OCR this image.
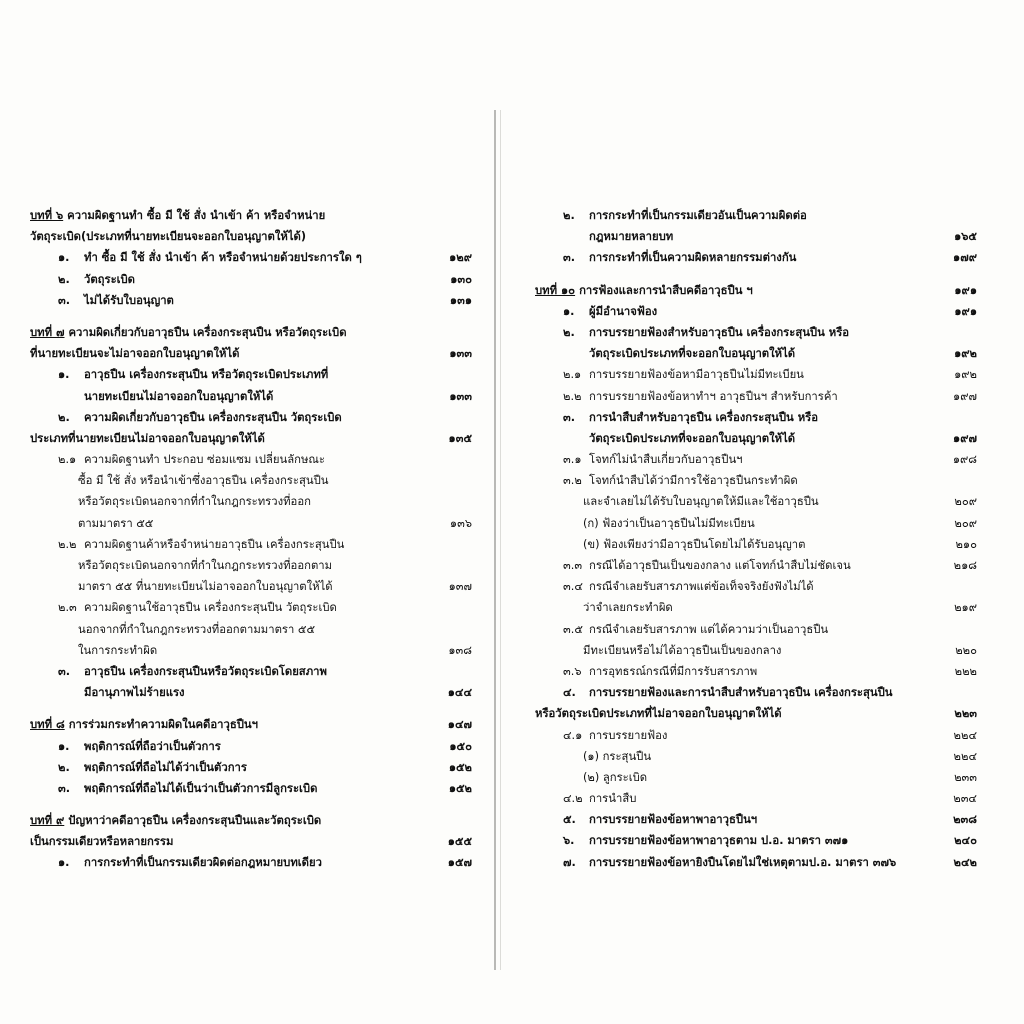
บทที่ ๖ ความผิดฐานทำ ซื้อ มี ใช้ สั่ง นำเข้า ค้า หรือจำหน่าย
วัตถุระเบิด(ประเภทที่นายทะเบียนจะออกใบอนุญาตให้ได้)
๑. ทำ ซื้อ มี ใช้ สั่ง นำเข้า ค้า หรือจำหน่ายด้วยประการใด ๆ	๑๒๙
๒. วัตถุระเบิด	๑๓๐
๓. ไม่ได้รับใบอนุญาต	๑๓๑
บทที่ ๗ ความผิดเกี่ยวกับอาวุธปืน เครื่องกระสุนปืน หรือวัตถุระเบิด
ที่นายทะเบียนจะไม่อาจออกใบอนุญาตให้ได้	๑๓๓
๑. อาวุธปืน เครื่องกระสุนปืน หรือวัตถุระเบิดประเภทที่
นายทะเบียนไม่อาจออกใบอนุญาตให้ได้	๑๓๓
๒. ความผิดเกี่ยวกับอาวุธปืน เครื่องกระสุนปืน วัตถุระเบิด
ประเภทที่นายทะเบียนไม่อาจออกใบอนุญาตให้ได้	๑๓๕
๒.๑ ความผิดฐานทำ ประกอบ ซ่อมแซม เปลี่ยนลักษณะ
ซื้อ มี ใช้ สั่ง หรือนำเข้าซึ่งอาวุธปืน เครื่องกระสุนปืน
หรือวัตถุระเบิดนอกจากที่กำในกฎกระทรวงที่ออก
ตามมาตรา ๕๕	๑๓๖
๒.๒ ความผิดฐานค้าหรือจำหน่ายอาวุธปืน เครื่องกระสุนปืน
หรือวัตถุระเบิดนอกจากที่กำในกฎกระทรวงที่ออกตาม
มาตรา ๕๕ ที่นายทะเบียนไม่อาจออกใบอนุญาตให้ได้	๑๓๗
๒.๓ ความผิดฐานใช้อาวุธปืน เครื่องกระสุนปืน วัตถุระเบิด
นอกจากที่กำในกฎกระทรวงที่ออกตามมาตรา ๕๕
ในการกระทำผิด	๑๓๘
๓. อาวุธปืน เครื่องกระสุนปืนหรือวัตถุระเบิดโดยสภาพ
มีอานุภาพไม่ร้ายแรง	๑๔๔
บทที่ ๘ การร่วมกระทำความผิดในคดีอาวุธปืนฯ	๑๔๗
๑. พฤติการณ์ที่ถือว่าเป็นตัวการ	๑๕๐
๒. พฤติการณ์ที่ถือไม่ได้ว่าเป็นตัวการ	๑๕๒
๓. พฤติการณ์ที่ถือไม่ได้เป็นว่าเป็นตัวการมีลูกระเบิด	๑๕๒
บทที่ ๙ ปัญหาว่าคดีอาวุธปืน เครื่องกระสุนปืนและวัตถุระเบิด
เป็นกรรมเดียวหรือหลายกรรม	๑๕๕
๑. การกระทำที่เป็นกรรมเดียวผิดต่อกฎหมายบทเดียว	๑๕๗
๒. การกระทำที่เป็นกรรมเดียวอันเป็นความผิดต่อ
กฎหมายหลายบท	๑๖๕
๓. การกระทำที่เป็นความผิดหลายกรรมต่างกัน	๑๗๙
บทที่ ๑๐ การฟ้องและการนำสืบคดีอาวุธปืน ฯ	๑๙๑
๑. ผู้มีอำนาจฟ้อง	๑๙๑
๒. การบรรยายฟ้องสำหรับอาวุธปืน เครื่องกระสุนปืน หรือ
วัตถุระเบิดประเภทที่จะออกใบอนุญาตให้ได้	๑๙๒
๒.๑ การบรรยายฟ้องข้อหามีอาวุธปืนไม่มีทะเบียน	๑๙๒
๒.๒ การบรรยายฟ้องข้อหาทำฯ อาวุธปืนฯ สำหรับการค้า	๑๙๗
๓. การนำสืบสำหรับอาวุธปืน เครื่องกระสุนปืน หรือ
วัตถุระเบิดประเภทที่จะออกใบอนุญาตให้ได้	๑๙๗
๓.๑ โจทก์ไม่นำสืบเกี่ยวกับอาวุธปืนฯ	๑๙๘
๓.๒ โจทก์นำสืบได้ว่ามีการใช้อาวุธปืนกระทำผิด
และจำเลยไม่ได้รับใบอนุญาตให้มีและใช้อาวุธปืน	๒๐๙
(ก) ฟ้องว่าเป็นอาวุธปืนไม่มีทะเบียน	๒๐๙
(ข) ฟ้องเพียงว่ามีอาวุธปืนโดยไม่ได้รับอนุญาต	๒๑๐
๓.๓ กรณีได้อาวุธปืนเป็นของกลาง แต่โจทก์นำสืบไม่ชัดเจน	๒๑๘
๓.๔ กรณีจำเลยรับสารภาพแต่ข้อเท็จจริงยังฟังไม่ได้
ว่าจำเลยกระทำผิด	๒๑๙
๓.๕ กรณีจำเลยรับสารภาพ แต่ได้ความว่าเป็นอาวุธปืน
มีทะเบียนหรือไม่ได้อาวุธปืนเป็นของกลาง	๒๒๐
๓.๖ การอุทธรณ์กรณีที่มีการรับสารภาพ	๒๒๒
๔. การบรรยายฟ้องและการนำสืบสำหรับอาวุธปืน เครื่องกระสุนปืน
หรือวัตถุระเบิดประเภทที่ไม่อาจออกใบอนุญาตให้ได้	๒๒๓
๔.๑ การบรรยายฟ้อง	๒๒๔
(๑) กระสุนปืน	๒๒๔
(๒) ลูกระเบิด	๒๓๓
๔.๒ การนำสืบ	๒๓๔
๕. การบรรยายฟ้องข้อหาพาอาวุธปืนฯ	๒๓๘
๖. การบรรยายฟ้องข้อหาพาอาวุธตาม ป.อ. มาตรา ๓๗๑	๒๔๐
๗. การบรรยายฟ้องข้อหายิงปืนโดยไม่ใช่เหตุตามป.อ. มาตรา ๓๗๖	๒๔๒
